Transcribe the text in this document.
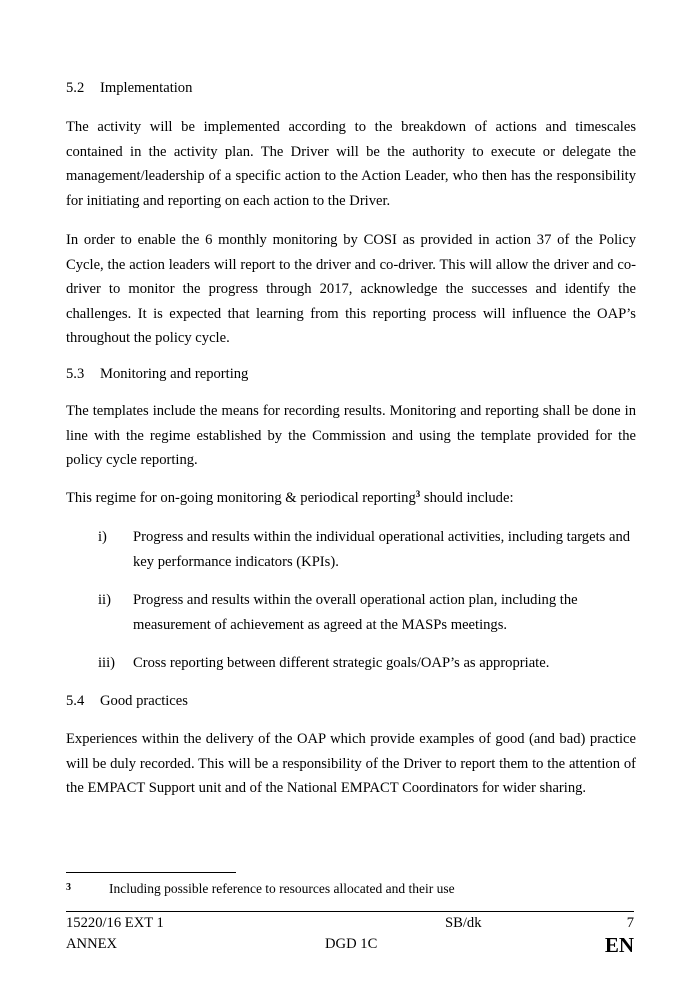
5.2 Implementation
The activity will be implemented according to the breakdown of actions and timescales contained in the activity plan. The Driver will be the authority to execute or delegate the management/leadership of a specific action to the Action Leader, who then has the responsibility for initiating and reporting on each action to the Driver.
In order to enable the 6 monthly monitoring by COSI as provided in action 37 of the Policy Cycle, the action leaders will report to the driver and co-driver. This will allow the driver and co-driver to monitor the progress through 2017, acknowledge the successes and identify the challenges. It is expected that learning from this reporting process will influence the OAP’s throughout the policy cycle.
5.3 Monitoring and reporting
The templates include the means for recording results. Monitoring and reporting shall be done in line with the regime established by the Commission and using the template provided for the policy cycle reporting.
This regime for on-going monitoring & periodical reporting$^3$ should include:
i) Progress and results within the individual operational activities, including targets and key performance indicators (KPIs).
ii) Progress and results within the overall operational action plan, including the measurement of achievement as agreed at the MASPs meetings.
iii) Cross reporting between different strategic goals/OAP’s as appropriate.
5.4 Good practices
Experiences within the delivery of the OAP which provide examples of good (and bad) practice will be duly recorded. This will be a responsibility of the Driver to report them to the attention of the EMPACT Support unit and of the National EMPACT Coordinators for wider sharing.
3	Including possible reference to resources allocated and their use
15220/16 EXT 1
ANNEX
SB/dk
DGD 1C
7
EN
